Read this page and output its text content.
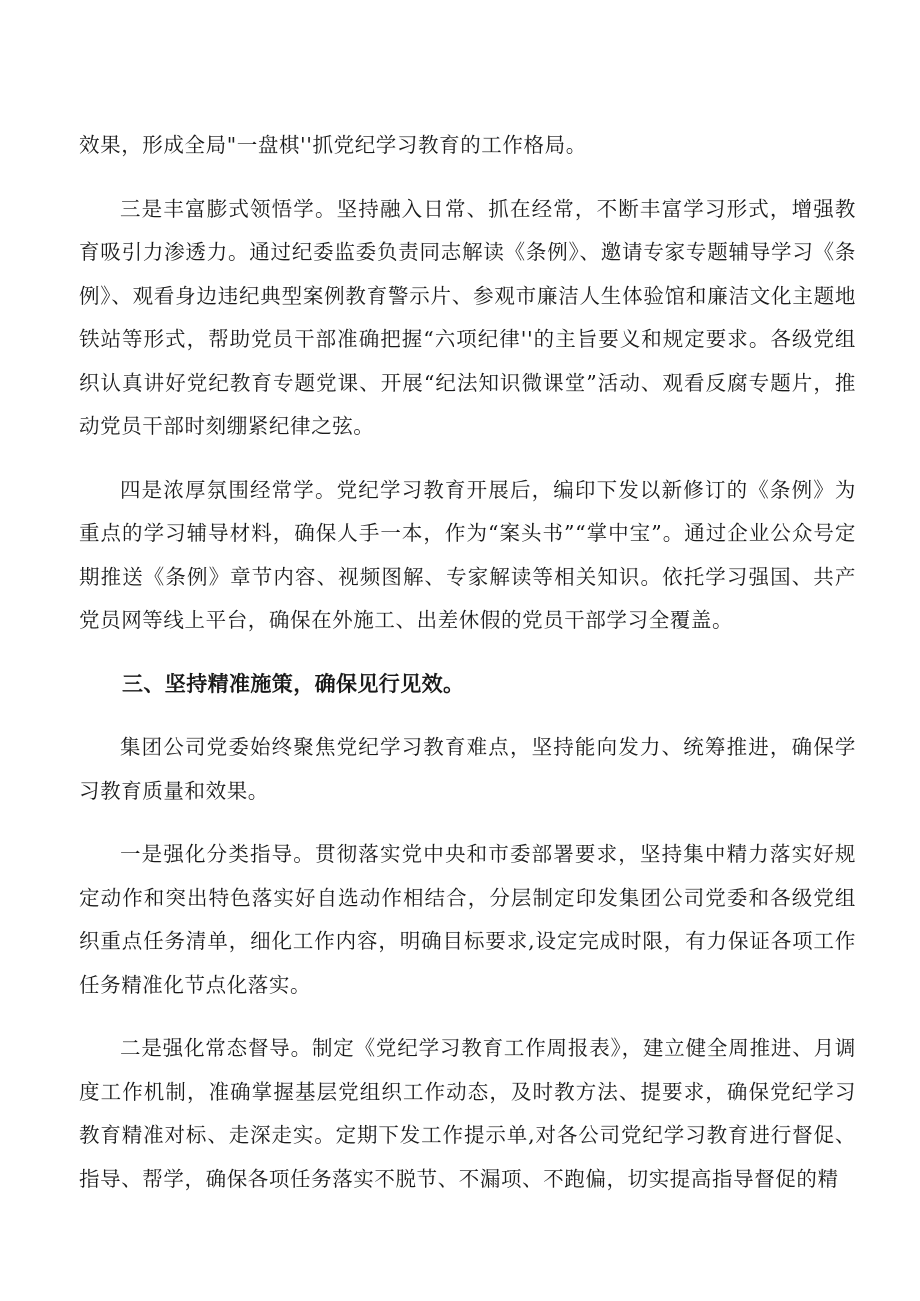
效果，形成全局"一盘棋''抓党纪学习教育的工作格局。

三是丰富膨式领悟学。坚持融入日常、抓在经常，不断丰富学习形式，增强教育吸引力渗透力。通过纪委监委负责同志解读《条例》、邀请专家专题辅导学习《条例》、观看身边违纪典型案例教育警示片、参观市廉洁人生体验馆和廉洁文化主题地铁站等形式，帮助党员干部准确把握“六项纪律''的主旨要义和规定要求。各级党组织认真讲好党纪教育专题党课、开展“纪法知识微课堂”活动、观看反腐专题片，推动党员干部时刻绷紧纪律之弦。

四是浓厚氛围经常学。党纪学习教育开展后，编印下发以新修订的《条例》为重点的学习辅导材料，确保人手一本，作为“案头书”“掌中宝”。通过企业公众号定期推送《条例》章节内容、视频图解、专家解读等相关知识。依托学习强国、共产党员网等线上平台，确保在外施工、出差休假的党员干部学习全覆盖。

三、坚持精准施策，确保见行见效。

集团公司党委始终聚焦党纪学习教育难点，坚持能向发力、统筹推进，确保学习教育质量和效果。

一是强化分类指导。贯彻落实党中央和市委部署要求，坚持集中精力落实好规定动作和突出特色落实好自选动作相结合，分层制定印发集团公司党委和各级党组织重点任务清单，细化工作内容，明确目标要求,设定完成时限，有力保证各项工作任务精准化节点化落实。

二是强化常态督导。制定《党纪学习教育工作周报表》，建立健全周推进、月调度工作机制，准确掌握基层党组织工作动态，及时教方法、提要求，确保党纪学习教育精准对标、走深走实。定期下发工作提示单,对各公司党纪学习教育进行督促、指导、帮学，确保各项任务落实不脱节、不漏项、不跑偏，切实提高指导督促的精
